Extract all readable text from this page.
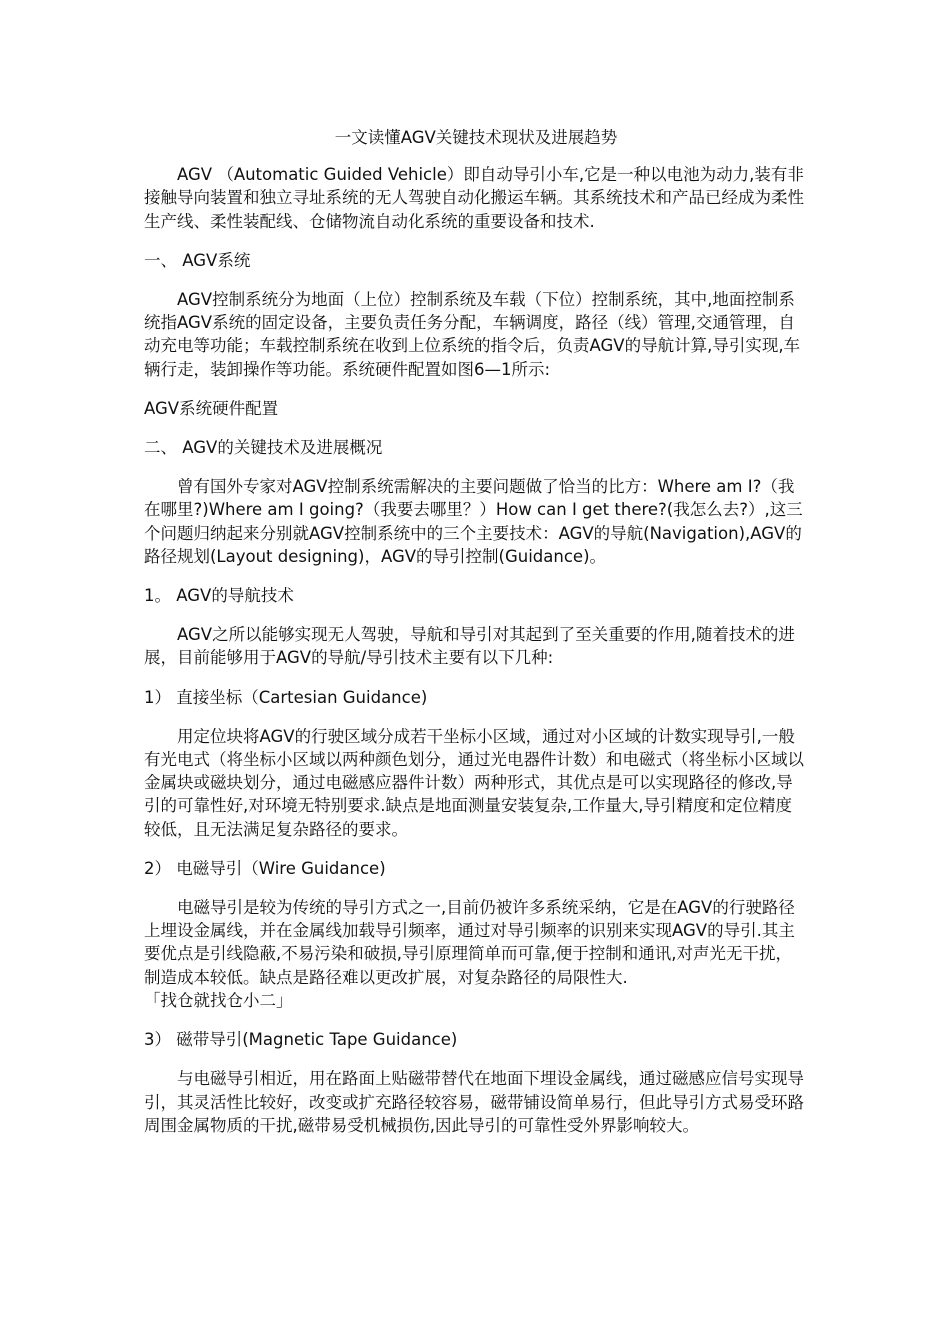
一文读懂AGV关键技术现状及进展趋势

AGV （Automatic Guided Vehicle）即自动导引小车,它是一种以电池为动力,装有非接触导向装置和独立寻址系统的无人驾驶自动化搬运车辆。其系统技术和产品已经成为柔性生产线、柔性装配线、仓储物流自动化系统的重要设备和技术.

一、 AGV系统

AGV控制系统分为地面（上位）控制系统及车载（下位）控制系统，其中,地面控制系统指AGV系统的固定设备，主要负责任务分配，车辆调度，路径（线）管理,交通管理，自动充电等功能；车载控制系统在收到上位系统的指令后，负责AGV的导航计算,导引实现,车辆行走，装卸操作等功能。系统硬件配置如图6—1所示:

AGV系统硬件配置
二、 AGV的关键技术及进展概况

曾有国外专家对AGV控制系统需解决的主要问题做了恰当的比方：Where am I?（我在哪里?)Where am I going?（我要去哪里？）How can I get there?(我怎么去?）,这三个问题归纳起来分别就AGV控制系统中的三个主要技术：AGV的导航(Navigation),AGV的路径规划(Layout designing)，AGV的导引控制(Guidance)。

1。 AGV的导航技术

AGV之所以能够实现无人驾驶，导航和导引对其起到了至关重要的作用,随着技术的进展，目前能够用于AGV的导航/导引技术主要有以下几种:

1） 直接坐标（Cartesian Guidance)

用定位块将AGV的行驶区域分成若干坐标小区域，通过对小区域的计数实现导引,一般有光电式（将坐标小区域以两种颜色划分，通过光电器件计数）和电磁式（将坐标小区域以金属块或磁块划分，通过电磁感应器件计数）两种形式，其优点是可以实现路径的修改,导引的可靠性好,对环境无特别要求.缺点是地面测量安装复杂,工作量大,导引精度和定位精度较低，且无法满足复杂路径的要求。

2） 电磁导引（Wire Guidance)

电磁导引是较为传统的导引方式之一,目前仍被许多系统采纳，它是在AGV的行驶路径上埋设金属线，并在金属线加载导引频率，通过对导引频率的识别来实现AGV的导引.其主要优点是引线隐蔽,不易污染和破损,导引原理简单而可靠,便于控制和通讯,对声光无干扰，制造成本较低。缺点是路径难以更改扩展，对复杂路径的局限性大.

「找仓就找仓小二」

3） 磁带导引(Magnetic Tape Guidance)

与电磁导引相近，用在路面上贴磁带替代在地面下埋设金属线，通过磁感应信号实现导引，其灵活性比较好，改变或扩充路径较容易，磁带铺设简单易行，但此导引方式易受环路周围金属物质的干扰,磁带易受机械损伤,因此导引的可靠性受外界影响较大。
